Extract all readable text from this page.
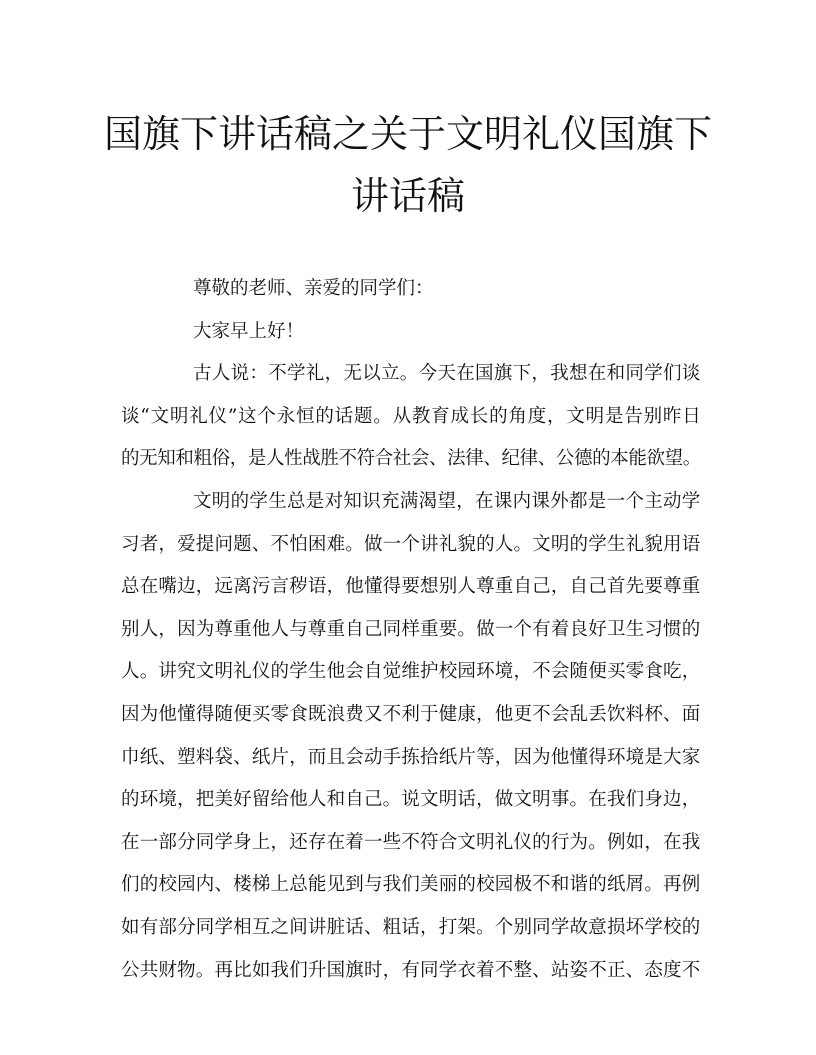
国旗下讲话稿之关于文明礼仪国旗下
讲话稿
尊敬的老师、亲爱的同学们：
大家早上好！
古人说：不学礼，无以立。今天在国旗下，我想在和同学们谈
谈“文明礼仪”这个永恒的话题。从教育成长的角度，文明是告别昨日
的无知和粗俗，是人性战胜不符合社会、法律、纪律、公德的本能欲望。
文明的学生总是对知识充满渴望，在课内课外都是一个主动学
习者，爱提问题、不怕困难。做一个讲礼貌的人。文明的学生礼貌用语
总在嘴边，远离污言秽语，他懂得要想别人尊重自己，自己首先要尊重
别人，因为尊重他人与尊重自己同样重要。做一个有着良好卫生习惯的
人。讲究文明礼仪的学生他会自觉维护校园环境，不会随便买零食吃，
因为他懂得随便买零食既浪费又不利于健康，他更不会乱丢饮料杯、面
巾纸、塑料袋、纸片，而且会动手拣拾纸片等，因为他懂得环境是大家
的环境，把美好留给他人和自己。说文明话，做文明事。在我们身边，
在一部分同学身上，还存在着一些不符合文明礼仪的行为。例如，在我
们的校园内、楼梯上总能见到与我们美丽的校园极不和谐的纸屑。再例
如有部分同学相互之间讲脏话、粗话，打架。个别同学故意损坏学校的
公共财物。再比如我们升国旗时，有同学衣着不整、站姿不正、态度不
